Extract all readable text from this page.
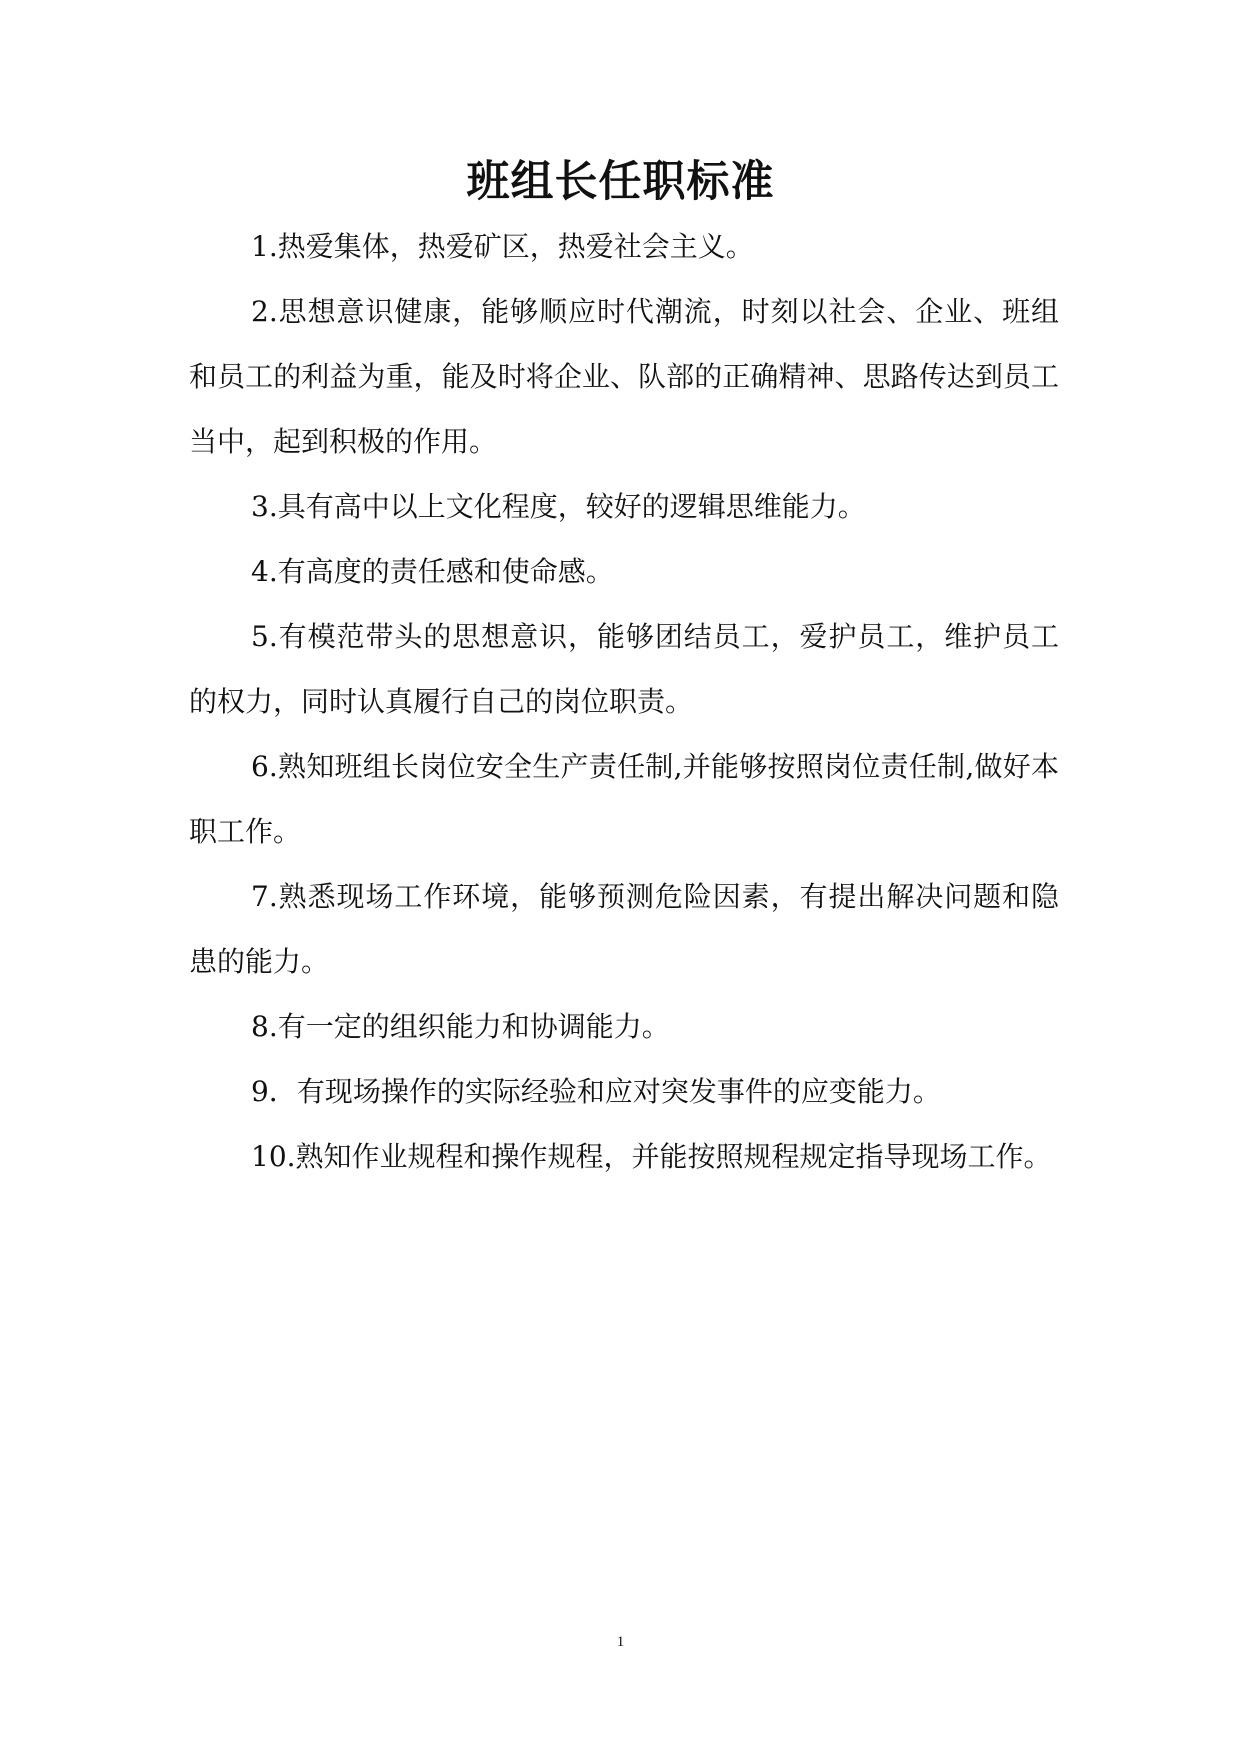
班组长任职标准

1.热爱集体，热爱矿区，热爱社会主义。

2.思想意识健康，能够顺应时代潮流，时刻以社会、企业、班组和员工的利益为重，能及时将企业、队部的正确精神、思路传达到员工当中，起到积极的作用。

3.具有高中以上文化程度，较好的逻辑思维能力。

4.有高度的责任感和使命感。

5.有模范带头的思想意识，能够团结员工，爱护员工，维护员工的权力，同时认真履行自己的岗位职责。

6.熟知班组长岗位安全生产责任制,并能够按照岗位责任制,做好本职工作。

7.熟悉现场工作环境，能够预测危险因素，有提出解决问题和隐患的能力。

8.有一定的组织能力和协调能力。

9．有现场操作的实际经验和应对突发事件的应变能力。

10.熟知作业规程和操作规程，并能按照规程规定指导现场工作。

1
